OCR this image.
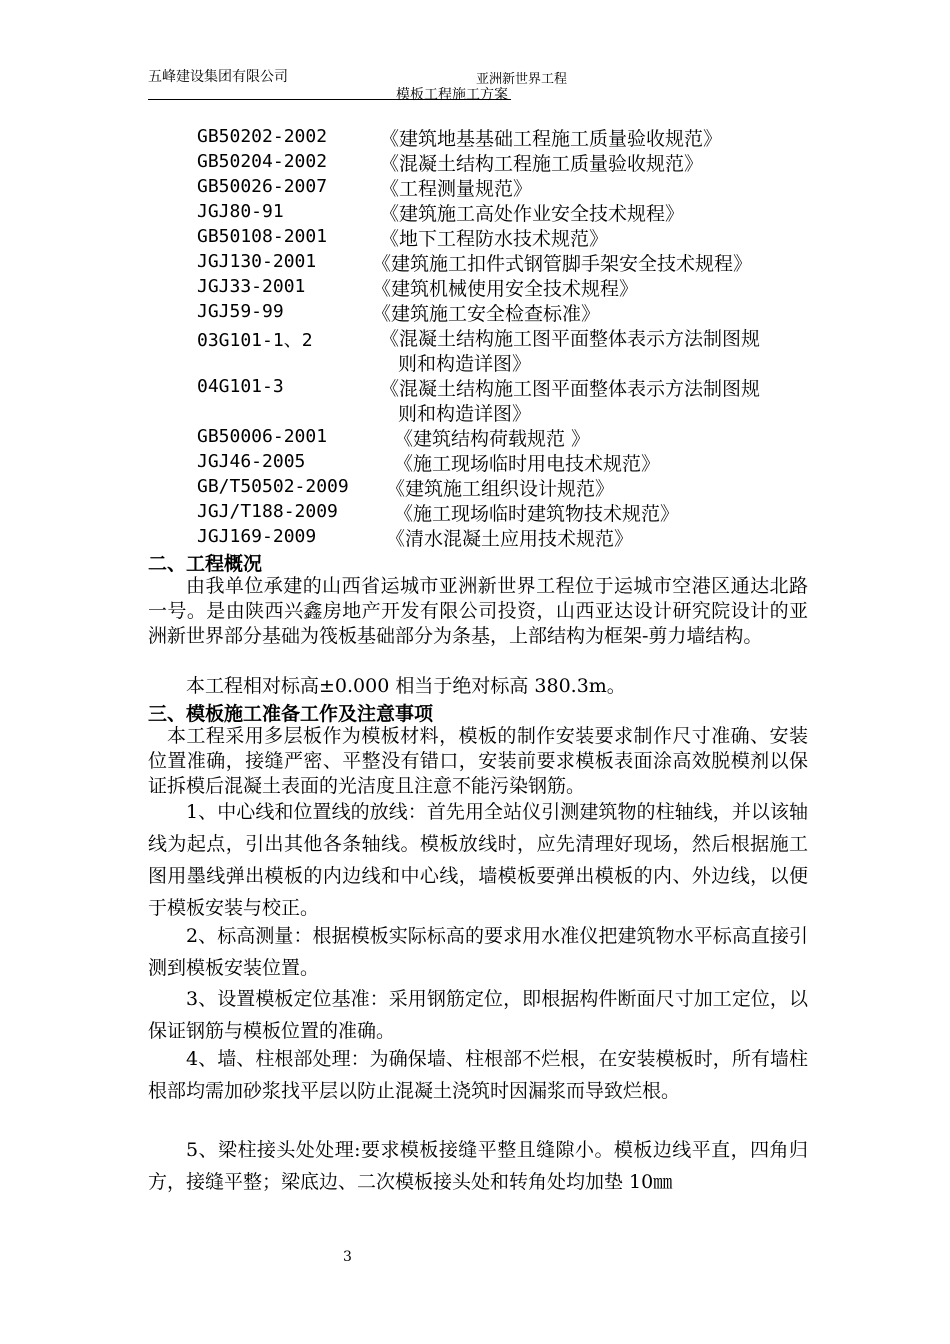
五峰建设集团有限公司	亚洲新世界工程
模板工程施工方案
GB50202-2002	《建筑地基基础工程施工质量验收规范》
GB50204-2002	《混凝土结构工程施工质量验收规范》
GB50026-2007	《工程测量规范》
JGJ80-91	《建筑施工高处作业安全技术规程》
GB50108-2001	《地下工程防水技术规范》
JGJ130-2001	《建筑施工扣件式钢管脚手架安全技术规程》
JGJ33-2001	《建筑机械使用安全技术规程》
JGJ59-99	《建筑施工安全检查标准》
03G101-1、2	《混凝土结构施工图平面整体表示方法制图规
则和构造详图》
04G101-3	《混凝土结构施工图平面整体表示方法制图规
则和构造详图》
GB50006-2001	《建筑结构荷载规范 》
JGJ46-2005	《施工现场临时用电技术规范》
GB/T50502-2009 《建筑施工组织设计规范》
JGJ/T188-2009	《施工现场临时建筑物技术规范》
JGJ169-2009	《清水混凝土应用技术规范》
二、工程概况
由我单位承建的山西省运城市亚洲新世界工程位于运城市空港区通达北路一号。是由陕西兴鑫房地产开发有限公司投资，山西亚达设计研究院设计的亚洲新世界部分基础为筏板基础部分为条基，上部结构为框架-剪力墙结构。
本工程相对标高±0.000 相当于绝对标高 380.3m。
三、模板施工准备工作及注意事项
本工程采用多层板作为模板材料，模板的制作安装要求制作尺寸准确、安装位置准确，接缝严密、平整没有错口，安装前要求模板表面涂高效脱模剂以保证拆模后混凝土表面的光洁度且注意不能污染钢筋。
1、中心线和位置线的放线：首先用全站仪引测建筑物的柱轴线，并以该轴线为起点，引出其他各条轴线。模板放线时，应先清理好现场，然后根据施工图用墨线弹出模板的内边线和中心线，墙模板要弹出模板的内、外边线，以便于模板安装与校正。
2、标高测量：根据模板实际标高的要求用水准仪把建筑物水平标高直接引测到模板安装位置。
3、设置模板定位基准：采用钢筋定位，即根据构件断面尺寸加工定位，以保证钢筋与模板位置的准确。
4、墙、柱根部处理：为确保墙、柱根部不烂根，在安装模板时，所有墙柱根部均需加砂浆找平层以防止混凝土浇筑时因漏浆而导致烂根。
5、梁柱接头处处理:要求模板接缝平整且缝隙小。模板边线平直，四角归方，接缝平整；梁底边、二次模板接头处和转角处均加垫 10㎜
3
